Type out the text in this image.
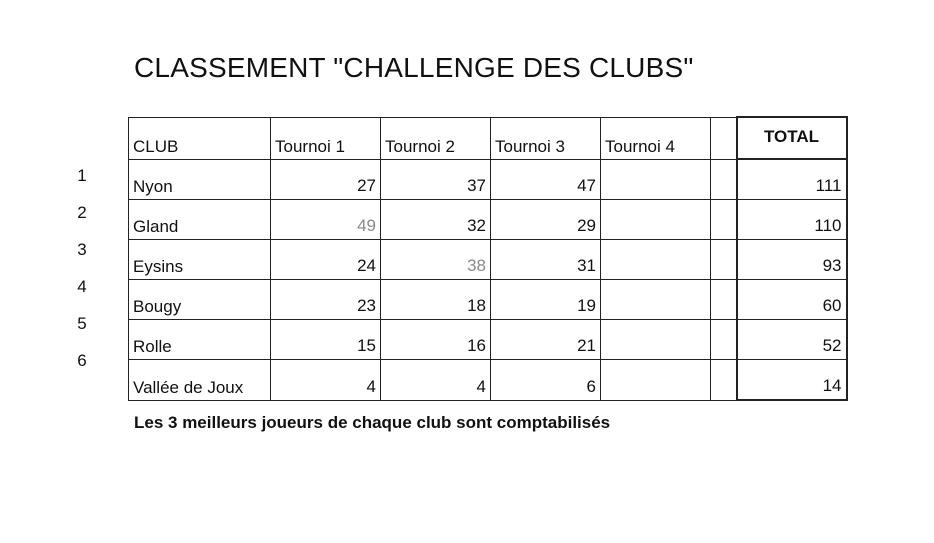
CLASSEMENT "CHALLENGE DES CLUBS"
1
2
3
4
5
6
CLUB	Tournoi 1	Tournoi 2	Tournoi 3	Tournoi 4		TOTAL
Nyon	27	37	47			111
Gland	49	32	29			110
Eysins	24	38	31			93
Bougy	23	18	19			60
Rolle	15	16	21			52
Vallée de Joux	4	4	6			14

Les 3 meilleurs joueurs de chaque club sont comptabilisés
